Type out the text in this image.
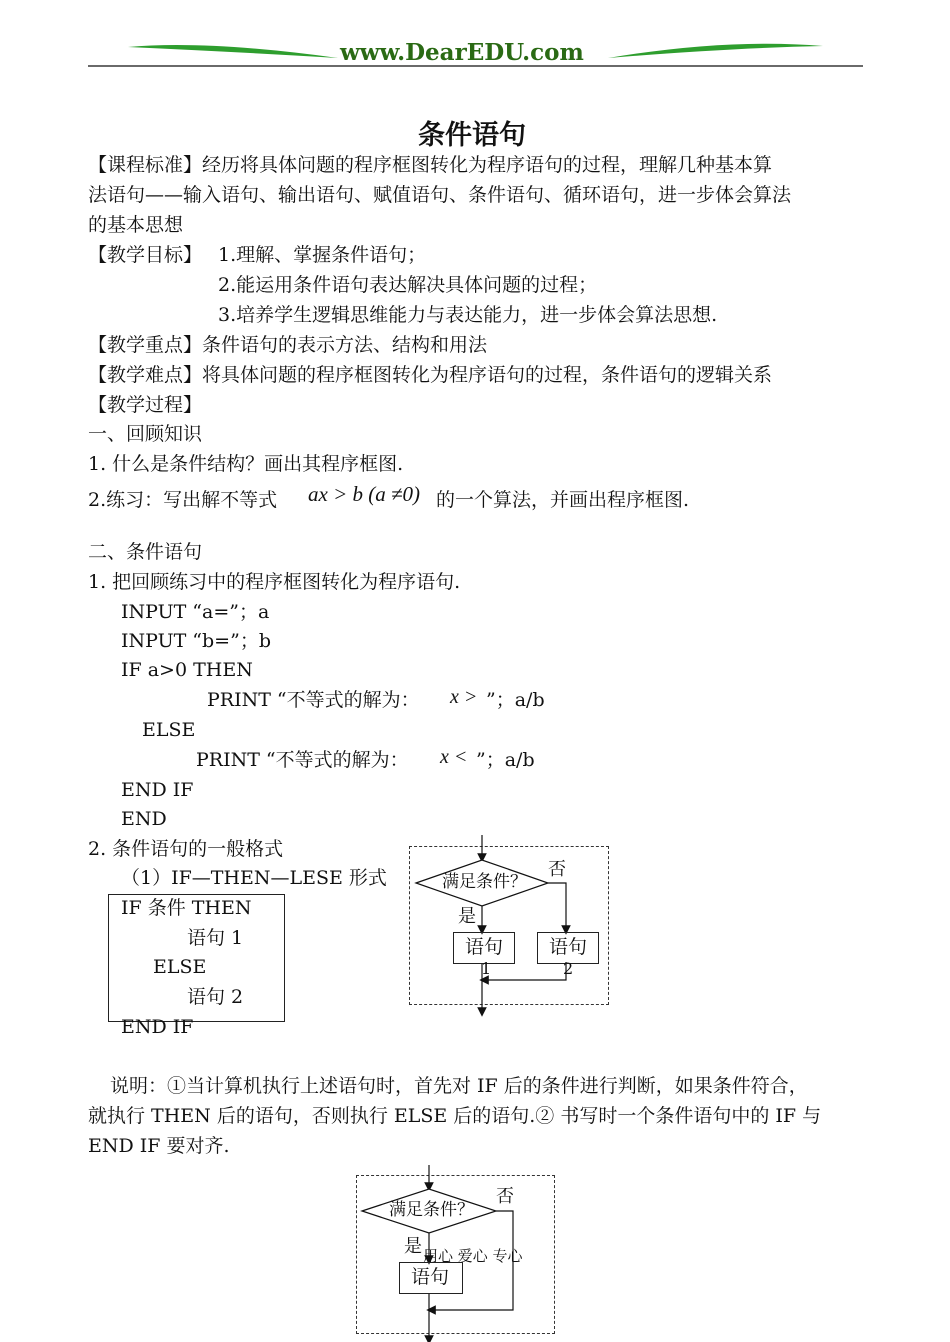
www.DearEDU.com
条件语句
【课程标准】经历将具体问题的程序框图转化为程序语句的过程，理解几种基本算
法语句——输入语句、输出语句、赋值语句、条件语句、循环语句，进一步体会算法
的基本思想
【教学目标】 1.理解、掌握条件语句；
2.能运用条件语句表达解决具体问题的过程；
3.培养学生逻辑思维能力与表达能力，进一步体会算法思想.
【教学重点】条件语句的表示方法、结构和用法
【教学难点】将具体问题的程序框图转化为程序语句的过程，条件语句的逻辑关系
【教学过程】
一、回顾知识
1. 什么是条件结构？画出其程序框图.
2.练习：写出解不等式 ax > b (a ≠0) 的一个算法，并画出程序框图.
二、条件语句
1. 把回顾练习中的程序框图转化为程序语句.
INPUT “a=”；a
INPUT “b=”；b
IF a>0 THEN
PRINT “不等式的解为： x > ”；a/b
ELSE
PRINT “不等式的解为： x < ”；a/b
END IF
END
2. 条件语句的一般格式
（1）IF—THEN—LESE 形式
IF 条件 THEN
语句 1
ELSE
语句 2
END IF
满足条件？
否
是
语句
1
语句
2
说明：①当计算机执行上述语句时，首先对 IF 后的条件进行判断，如果条件符合，
就执行 THEN 后的语句，否则执行 ELSE 后的语句.② 书写时一个条件语句中的 IF 与
END IF 要对齐.
满足条件？
否
是 用心 爱心 专心
语句
